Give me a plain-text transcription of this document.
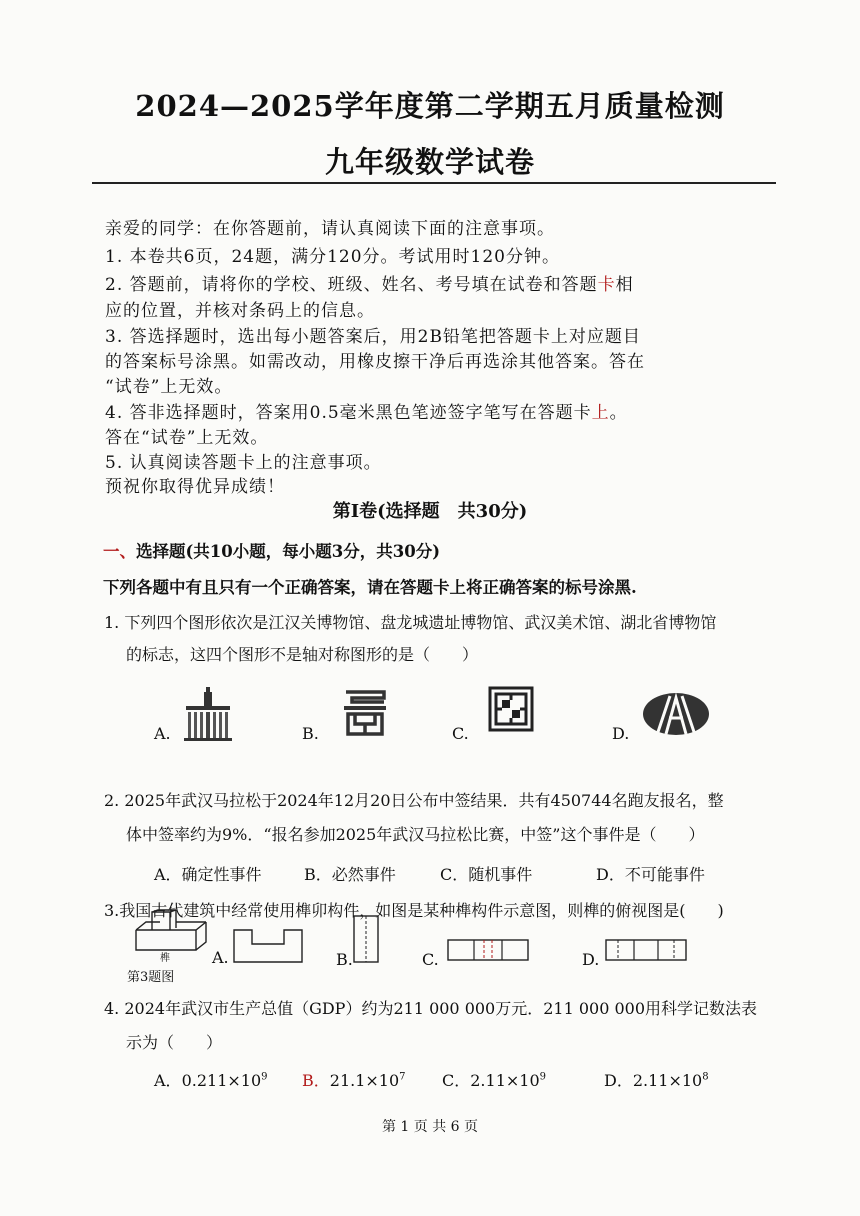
2024—2025学年度第二学期五月质量检测
九年级数学试卷
亲爱的同学：在你答题前，请认真阅读下面的注意事项。
1. 本卷共6页，24题，满分120分。考试用时120分钟。
2. 答题前，请将你的学校、班级、姓名、考号填在试卷和答题卡相
应的位置，并核对条码上的信息。
3. 答选择题时，选出每小题答案后，用2B铅笔把答题卡上对应题目
的答案标号涂黑。如需改动，用橡皮擦干净后再选涂其他答案。答在
“试卷”上无效。
4. 答非选择题时，答案用0.5毫米黑色笔迹签字笔写在答题卡上。
答在“试卷”上无效。
5. 认真阅读答题卡上的注意事项。
预祝你取得优异成绩！
第Ⅰ卷(选择题　共30分)
一、选择题(共10小题，每小题3分，共30分)
下列各题中有且只有一个正确答案，请在答题卡上将正确答案的标号涂黑.
1. 下列四个图形依次是江汉关博物馆、盘龙城遗址博物馆、武汉美术馆、湖北省博物馆
的标志，这四个图形不是轴对称图形的是（　　）
A.	B.	C.	D.
2. 2025年武汉马拉松于2024年12月20日公布中签结果．共有450744名跑友报名，整
体中签率约为9%．“报名参加2025年武汉马拉松比赛，中签”这个事件是（　　）
A．确定性事件	B．必然事件	C．随机事件	D．不可能事件
3.我国古代建筑中经常使用榫卯构件，如图是某种榫构件示意图，则榫的俯视图是(　　)
榫
第3题图
A.	B.	C.	D.
4. 2024年武汉市生产总值（GDP）约为211 000 000万元．211 000 000用科学记数法表
示为（　　）
A．$0.211\times 10^9$ B．$21.1\times 10^7$ C．$2.11\times 10^9$	D．$2.11\times 10^8$
第 1 页 共 6 页
